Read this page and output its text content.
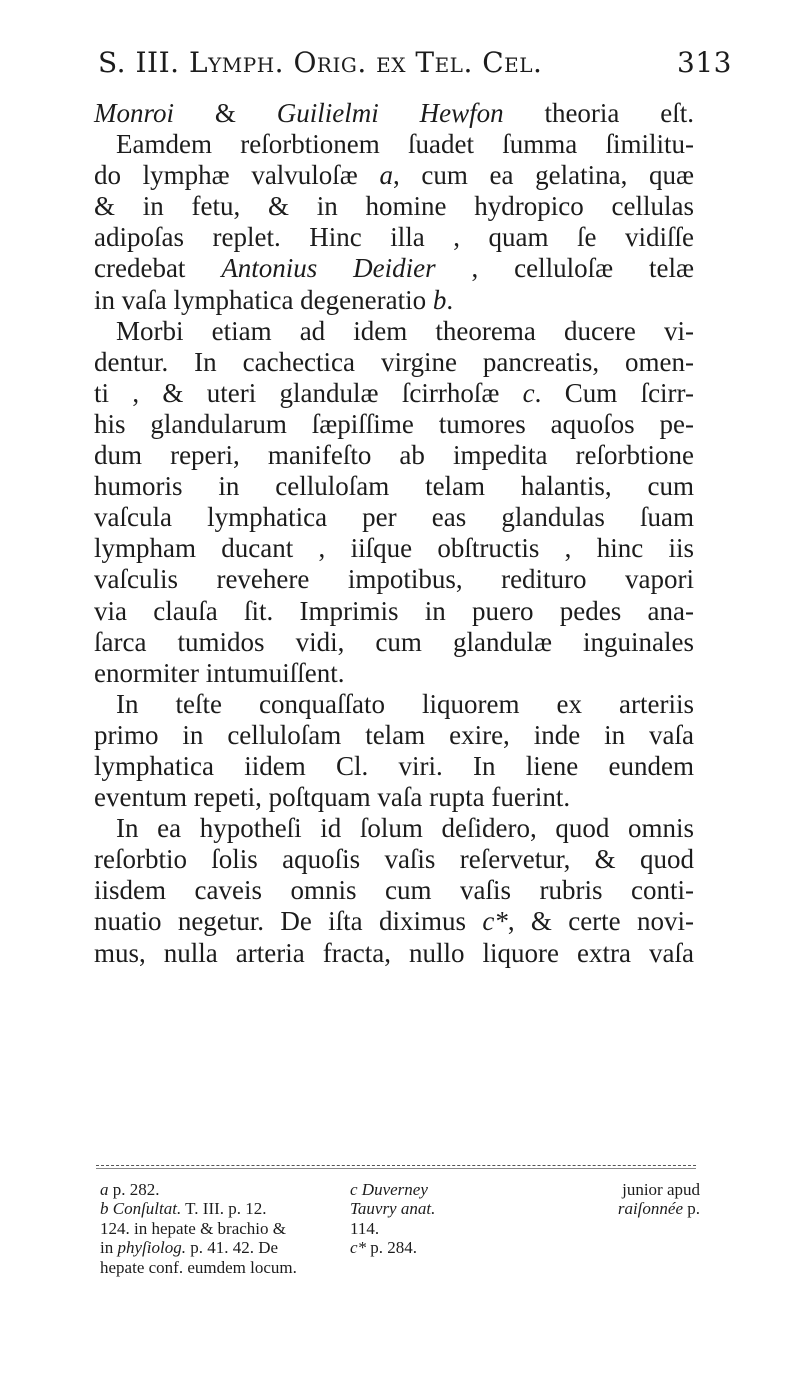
S. III. Lymph. Orig. ex Tel. Cel.	313
Monroi & Guilielmi Hewfon theoria eſt.
Eamdem reſorbtionem ſuadet ſumma ſimilitu-
do lymphæ valvuloſæ a, cum ea gelatina, quæ
& in fetu, & in homine hydropico cellulas
adipoſas replet. Hinc illa , quam ſe vidiſſe
credebat Antonius Deidier , celluloſæ telæ
in vaſa lymphatica degeneratio b.
Morbi etiam ad idem theorema ducere vi-
dentur. In cachectica virgine pancreatis, omen-
ti , & uteri glandulæ ſcirrhoſæ c. Cum ſcirr-
his glandularum ſæpiſſime tumores aquoſos pe-
dum reperi, manifeſto ab impedita reſorbtione
humoris in celluloſam telam halantis, cum
vaſcula lymphatica per eas glandulas ſuam
lympham ducant , iiſque obſtructis , hinc iis
vaſculis revehere impotibus, redituro vapori
via clauſa ſit. Imprimis in puero pedes ana-
ſarca tumidos vidi, cum glandulæ inguinales
enormiter intumuiſſent.
In teſte conquaſſato liquorem ex arteriis
primo in celluloſam telam exire, inde in vaſa
lymphatica iidem Cl. viri. In liene eundem
eventum repeti, poſtquam vaſa rupta fuerint.
In ea hypotheſi id ſolum deſidero, quod omnis
reſorbtio ſolis aquoſis vaſis reſervetur, & quod
iisdem caveis omnis cum vaſis rubris conti-
nuatio negetur. De iſta diximus c*, & certe novi-
mus, nulla arteria fracta, nullo liquore extra vaſa
a p. 282.	c Duverney	junior apud
b Conſultat. T. III. p. 12.	Tauvry anat.	raiſonnée p.
124. in hepate & brachio &	114.
in phyſiolog. p. 41. 42. De	c* p. 284.
hepate conf. eumdem locum.
